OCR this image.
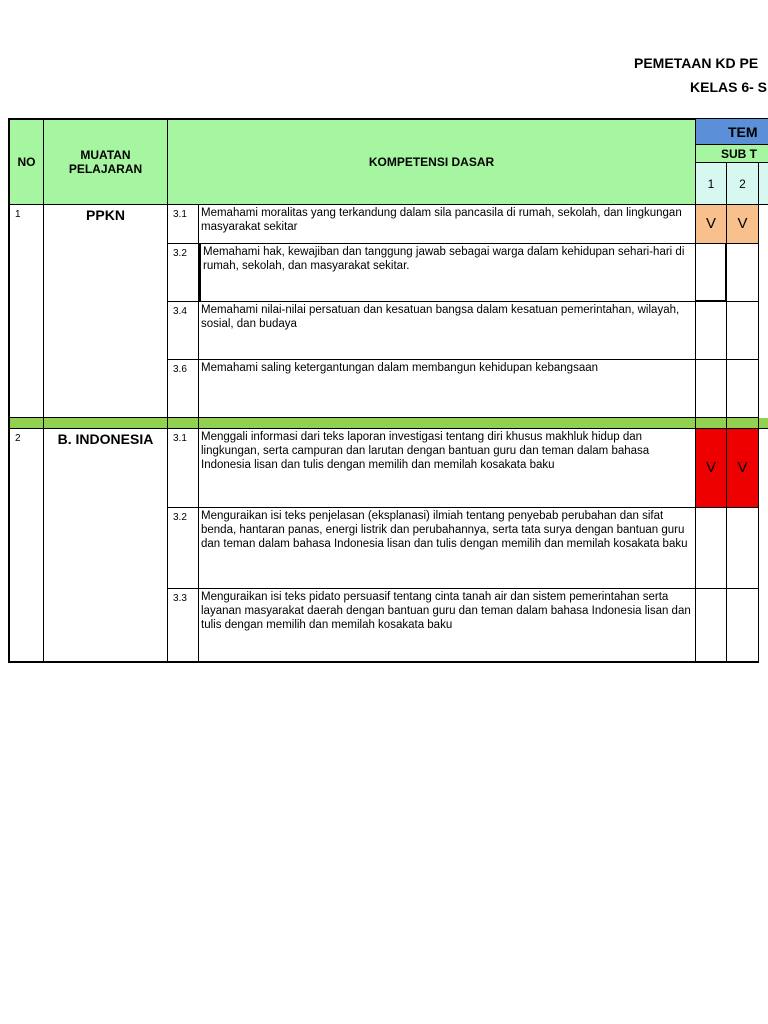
PEMETAAN KD PE
KELAS 6- S
NO	MUATAN PELAJARAN	KOMPETENSI DASAR
TEM
SUB T
1	2
1	PPKN	3.1	Memahami moralitas yang terkandung dalam sila pancasila di rumah, sekolah, dan lingkungan masyarakat sekitar	V	V
3.2	Memahami hak, kewajiban dan tanggung jawab sebagai warga dalam kehidupan sehari-hari di rumah, sekolah, dan masyarakat sekitar.
3.4	Memahami nilai-nilai persatuan dan kesatuan bangsa dalam kesatuan pemerintahan, wilayah, sosial, dan budaya
3.6	Memahami saling ketergantungan dalam membangun kehidupan kebangsaan
2	B. INDONESIA	3.1	Menggali informasi dari teks laporan investigasi tentang diri khusus makhluk hidup dan lingkungan, serta campuran dan larutan dengan bantuan guru dan teman dalam bahasa Indonesia lisan dan tulis dengan memilih dan memilah kosakata baku	V	V
3.2	Menguraikan isi teks penjelasan (eksplanasi) ilmiah tentang penyebab perubahan dan sifat benda, hantaran panas, energi listrik dan perubahannya, serta tata surya dengan bantuan guru dan teman dalam bahasa Indonesia lisan dan tulis dengan memilih dan memilah kosakata baku
3.3	Menguraikan isi teks pidato persuasif tentang cinta tanah air dan sistem pemerintahan serta layanan masyarakat daerah dengan bantuan guru dan teman dalam bahasa Indonesia lisan dan tulis dengan memilih dan memilah kosakata baku
